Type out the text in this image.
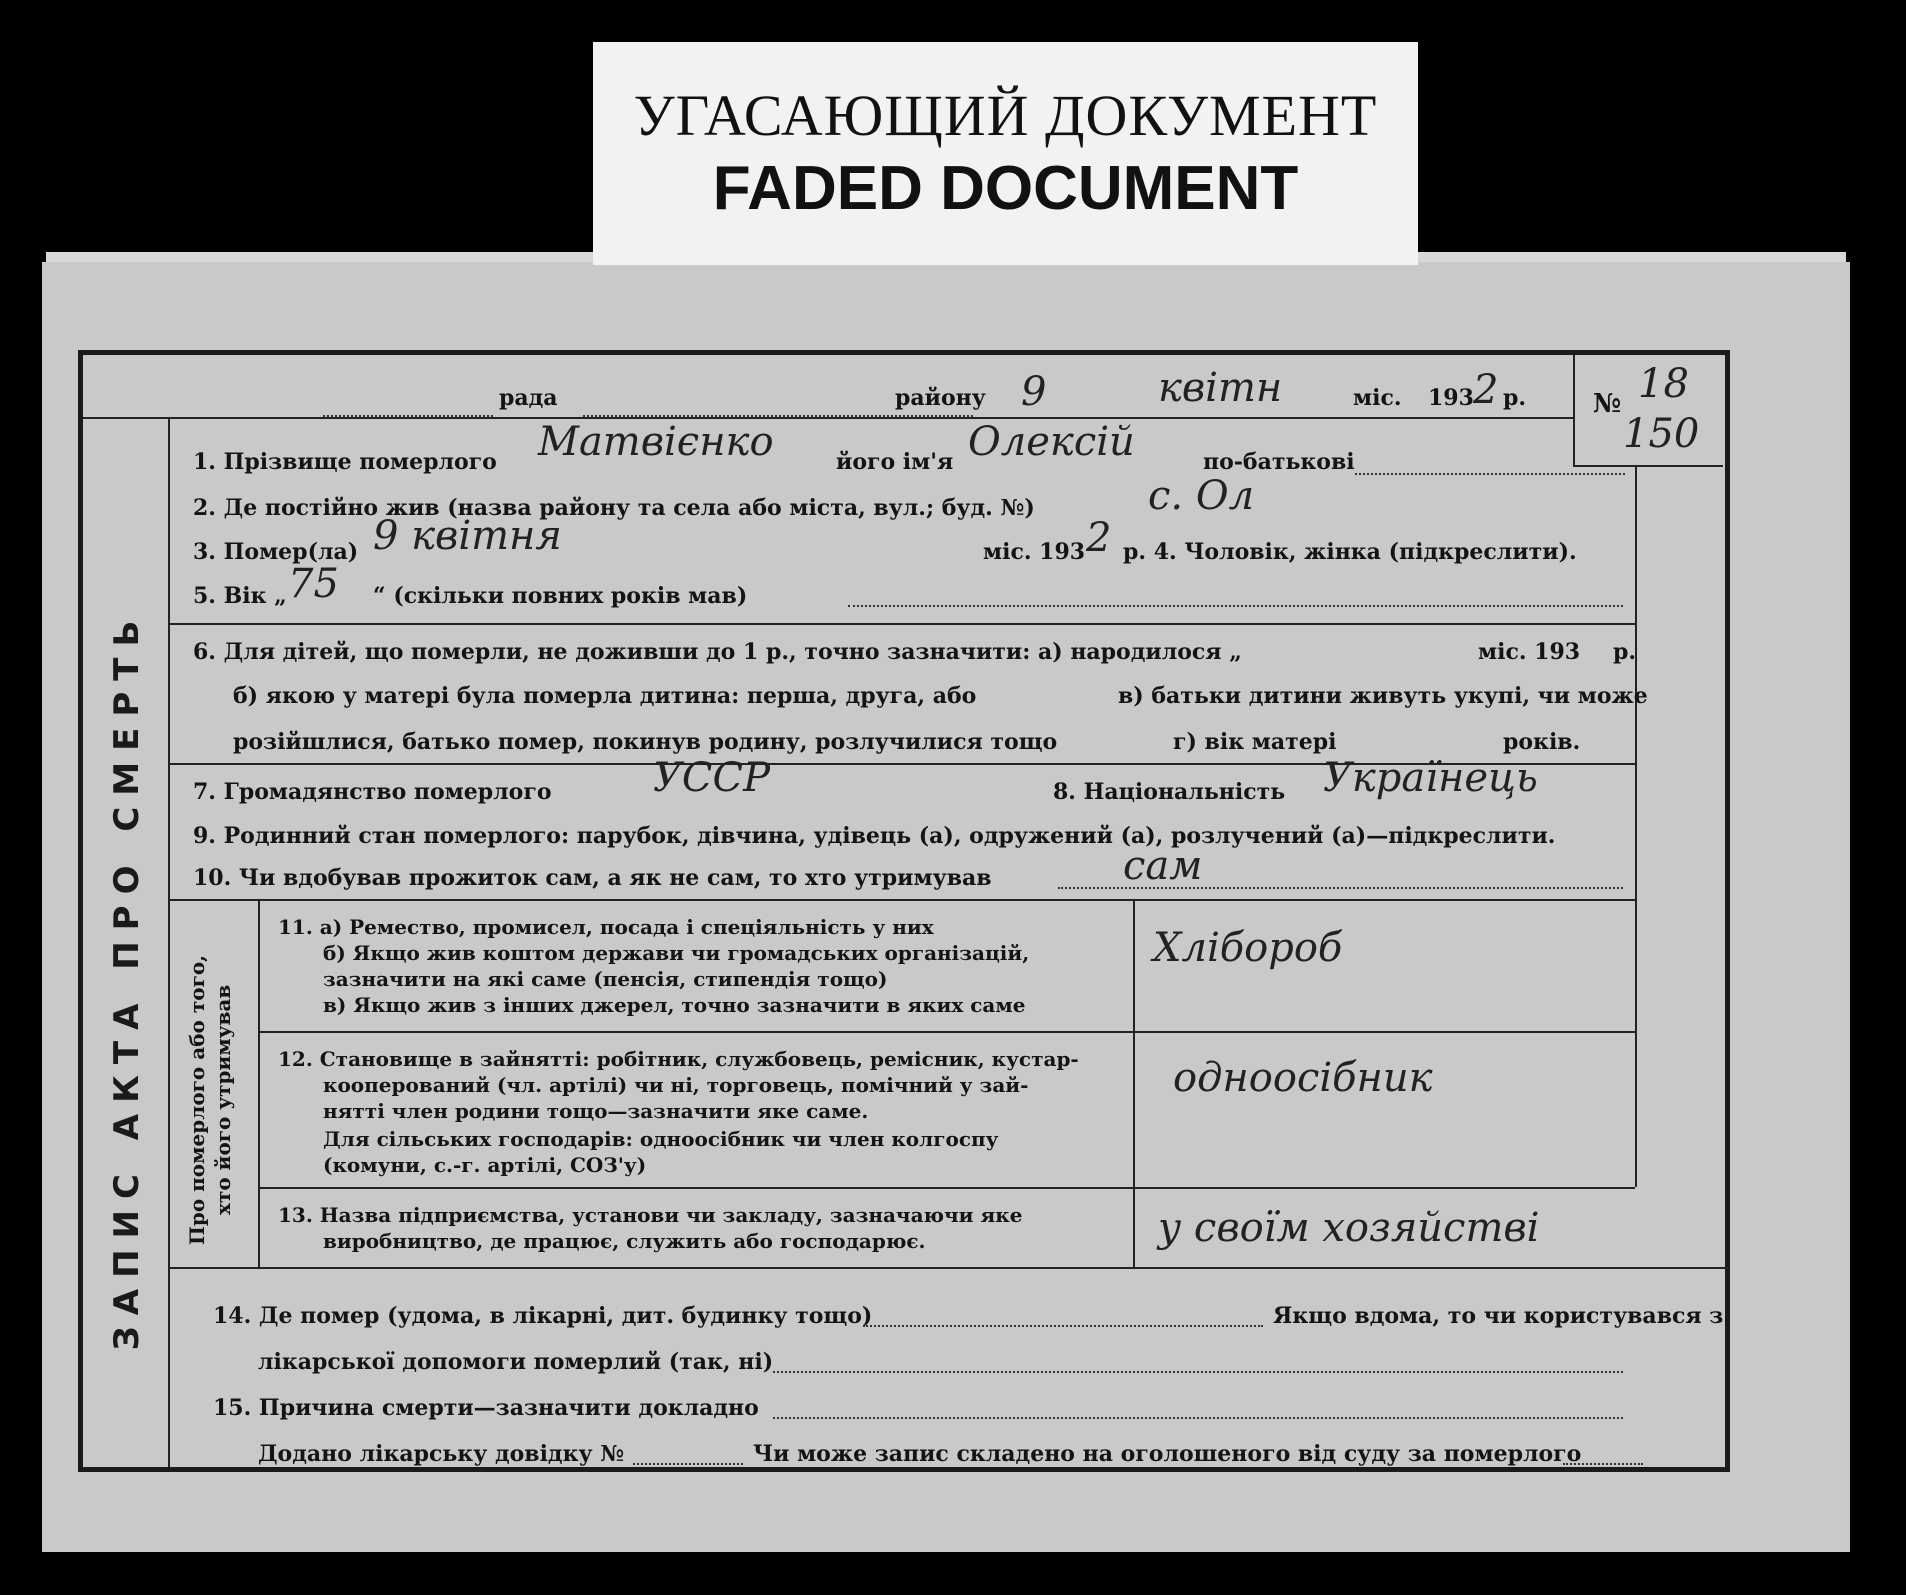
УГАСАЮЩИЙ ДОКУМЕНТ
FADED DOCUMENT
ЗАПИС АКТА ПРО СМЕРТЬ
рада	району 9	квітн	міс. 193 2 р.	№ 18
150
1. Прізвище померлого Матвієнко	його ім'я Олексій	по-батькові
2. Де постійно жив (назва району та села або міста, вул.; буд. №)	с. Ол
3. Помер(ла) 9 квітня	міс. 193 2 р. 4. Чоловік, жінка (підкреслити).
5. Вік „ 75 “ (скільки повних років мав)
6. Для дітей, що померли, не доживши до 1 р., точно зазначити: а) народилося „	міс. 193 р.
б) якою у матері була померла дитина: перша, друга, або	в) батьки дитини живуть укупі, чи може
розійшлися, батько помер, покинув родину, розлучилися тощо	г) вік матері	років.
7. Громадянство померлого	УССР	8. Національність Українець
9. Родинний стан померлого: парубок, дівчина, удівець (а), одружений (а), розлучений (а)—підкреслити.
10. Чи вдобував прожиток сам, а як не сам, то хто утримував	сам
Про померлого або того, хто його утримував
11. а) Ремество, промисел, посада і спеціяльність у них
б) Якщо жив коштом держави чи громадських організацій,
зазначити на які саме (пенсія, стипендія тощо)
в) Якщо жив з інших джерел, точно зазначити в яких саме
Хлібороб
12. Становище в зайнятті: робітник, службовець, ремісник, кустар-
кооперований (чл. артілі) чи ні, торговець, помічний у зай-
нятті член родини тощо—зазначити яке саме.
Для сільських господарів: одноосібник чи член колгоспу
(комуни, с.-г. артілі, СОЗ'у)
одноосібник
13. Назва підприємства, установи чи закладу, зазначаючи яке
виробництво, де працює, служить або господарює.	у своїм хозяйстві
14. Де помер (удома, в лікарні, дит. будинку тощо)	Якщо вдома, то чи користувався з
лікарської допомоги померлий (так, ні)
15. Причина смерти—зазначити докладно
Додано лікарську довідку №	Чи може запис складено на оголошеного від суду за померлого
